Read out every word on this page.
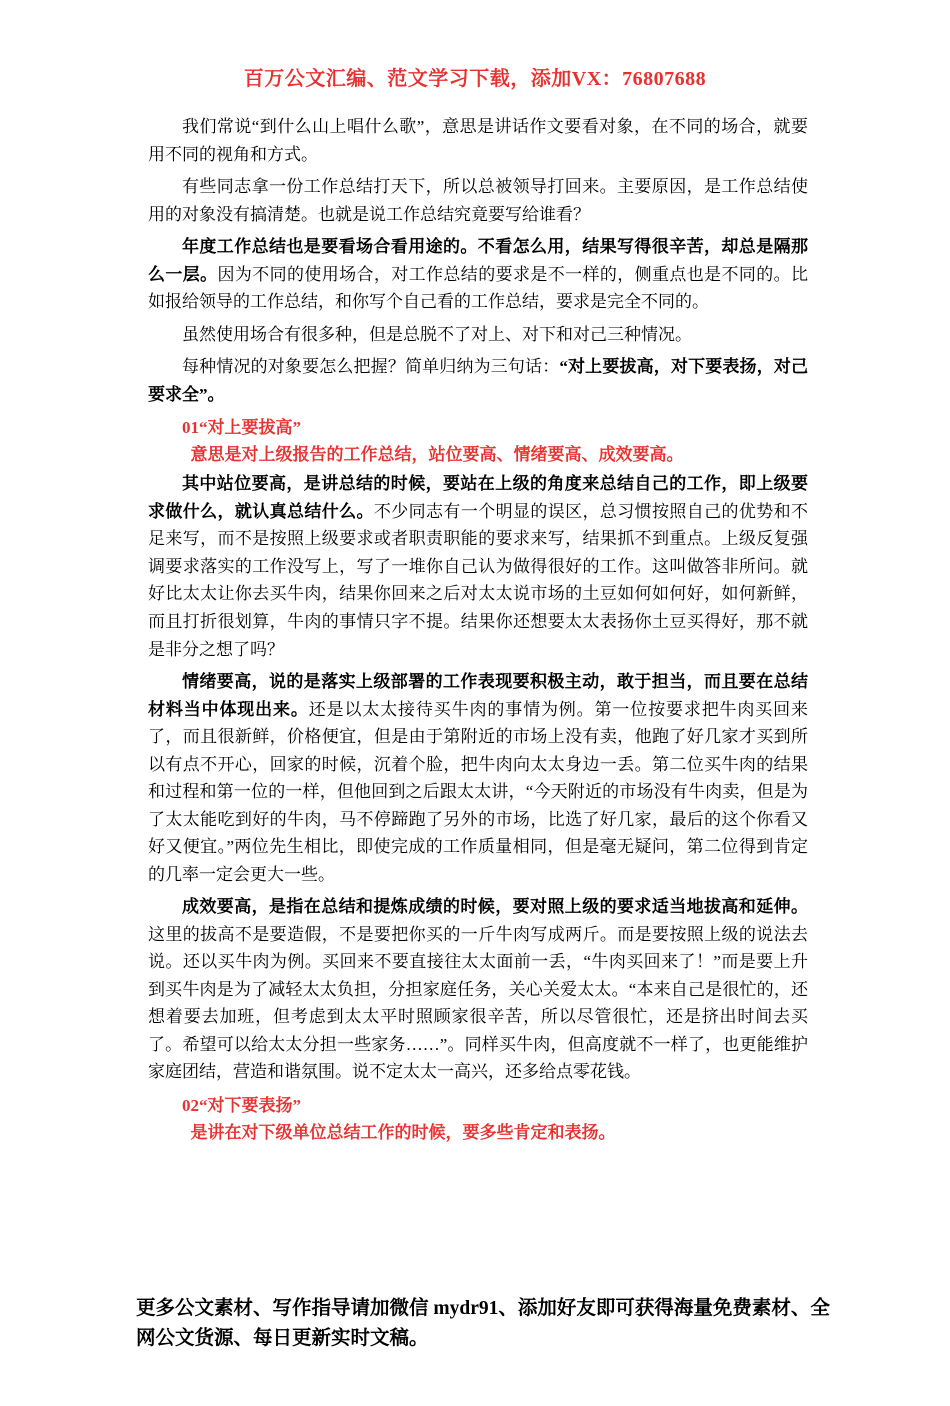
百万公文汇编、范文学习下载，添加VX：76807688

我们常说“到什么山上唱什么歌”，意思是讲话作文要看对象，在不同的场合，就要用不同的视角和方式。

有些同志拿一份工作总结打天下，所以总被领导打回来。主要原因，是工作总结使用的对象没有搞清楚。也就是说工作总结究竟要写给谁看？

年度工作总结也是要看场合看用途的。不看怎么用，结果写得很辛苦，却总是隔那么一层。因为不同的使用场合，对工作总结的要求是不一样的，侧重点也是不同的。比如报给领导的工作总结，和你写个自己看的工作总结，要求是完全不同的。

虽然使用场合有很多种，但是总脱不了对上、对下和对己三种情况。

每种情况的对象要怎么把握？简单归纳为三句话：“对上要拔高，对下要表扬，对己要求全”。

01“对上要拔高”
意思是对上级报告的工作总结，站位要高、情绪要高、成效要高。

其中站位要高，是讲总结的时候，要站在上级的角度来总结自己的工作，即上级要求做什么，就认真总结什么。不少同志有一个明显的误区，总习惯按照自己的优势和不足来写，而不是按照上级要求或者职责职能的要求来写，结果抓不到重点。上级反复强调要求落实的工作没写上，写了一堆你自己认为做得很好的工作。这叫做答非所问。就好比太太让你去买牛肉，结果你回来之后对太太说市场的土豆如何如何好，如何新鲜，而且打折很划算，牛肉的事情只字不提。结果你还想要太太表扬你土豆买得好，那不就是非分之想了吗？

情绪要高，说的是落实上级部署的工作表现要积极主动，敢于担当，而且要在总结材料当中体现出来。还是以太太接待买牛肉的事情为例。第一位按要求把牛肉买回来了，而且很新鲜，价格便宜，但是由于第附近的市场上没有卖，他跑了好几家才买到所以有点不开心，回家的时候，沉着个脸，把牛肉向太太身边一丢。第二位买牛肉的结果和过程和第一位的一样，但他回到之后跟太太讲，“今天附近的市场没有牛肉卖，但是为了太太能吃到好的牛肉，马不停蹄跑了另外的市场，比选了好几家，最后的这个你看又好又便宜。”两位先生相比，即使完成的工作质量相同，但是毫无疑问，第二位得到肯定的几率一定会更大一些。

成效要高，是指在总结和提炼成绩的时候，要对照上级的要求适当地拔高和延伸。这里的拔高不是要造假，不是要把你买的一斤牛肉写成两斤。而是要按照上级的说法去说。还以买牛肉为例。买回来不要直接往太太面前一丢，“牛肉买回来了！”而是要上升到买牛肉是为了减轻太太负担，分担家庭任务，关心关爱太太。“本来自己是很忙的，还想着要去加班，但考虑到太太平时照顾家很辛苦，所以尽管很忙，还是挤出时间去买了。希望可以给太太分担一些家务……”。同样买牛肉，但高度就不一样了，也更能维护家庭团结，营造和谐氛围。说不定太太一高兴，还多给点零花钱。

02“对下要表扬”
是讲在对下级单位总结工作的时候，要多些肯定和表扬。
更多公文素材、写作指导请加微信 mydr91、添加好友即可获得海量免费素材、全网公文货源、每日更新实时文稿。
